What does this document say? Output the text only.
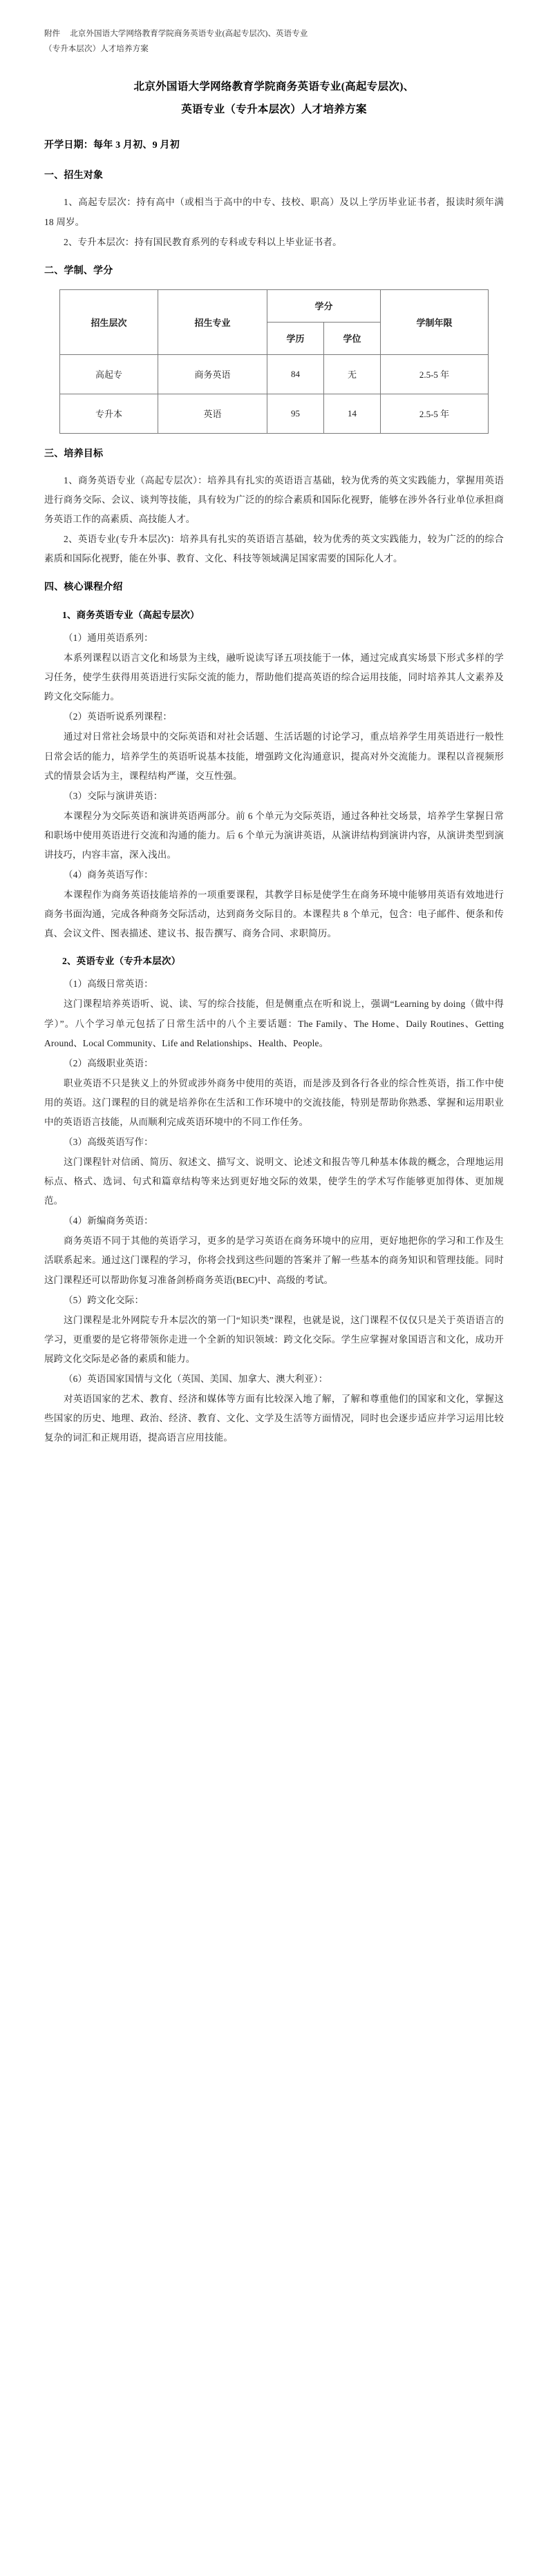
附件 北京外国语大学网络教育学院商务英语专业(高起专层次)、英语专业
（专升本层次）人才培养方案
北京外国语大学网络教育学院商务英语专业(高起专层次)、
英语专业（专升本层次）人才培养方案
开学日期：每年 3 月初、9 月初
一、招生对象

1、高起专层次：持有高中（或相当于高中的中专、技校、职高）及以上学历毕业证书者，报读时须年满 18 周岁。

2、专升本层次：持有国民教育系列的专科或专科以上毕业证书者。

二、学制、学分
招生层次	招生专业	学分		学制年限
		学历	学位	
高起专	商务英语	84	无	2.5-5 年
专升本	英语	95	14	2.5-5 年
三、培养目标

1、商务英语专业（高起专层次）：培养具有扎实的英语语言基础，较为优秀的英文实践能力，掌握用英语进行商务交际、会议、谈判等技能，具有较为广泛的的综合素质和国际化视野，能够在涉外各行业单位承担商务英语工作的高素质、高技能人才。

2、英语专业(专升本层次)：培养具有扎实的英语语言基础，较为优秀的英文实践能力，较为广泛的的综合素质和国际化视野，能在外事、教育、文化、科技等领域满足国家需要的国际化人才。

四、核心课程介绍
1、商务英语专业（高起专层次）

（1）通用英语系列：

本系列课程以语言文化和场景为主线，融听说读写译五项技能于一体，通过完成真实场景下形式多样的学习任务，使学生获得用英语进行实际交流的能力，帮助他们提高英语的综合运用技能，同时培养其人文素养及跨文化交际能力。

（2）英语听说系列课程：

通过对日常社会场景中的交际英语和对社会话题、生活话题的讨论学习，重点培养学生用英语进行一般性日常会话的能力，培养学生的英语听说基本技能，增强跨文化沟通意识，提高对外交流能力。课程以音视频形式的情景会话为主，课程结构严谨，交互性强。

（3）交际与演讲英语：

本课程分为交际英语和演讲英语两部分。前 6 个单元为交际英语，通过各种社交场景，培养学生掌握日常和职场中使用英语进行交流和沟通的能力。后 6 个单元为演讲英语，从演讲结构到演讲内容，从演讲类型到演讲技巧，内容丰富，深入浅出。

（4）商务英语写作：

本课程作为商务英语技能培养的一项重要课程，其教学目标是使学生在商务环境中能够用英语有效地进行商务书面沟通，完成各种商务交际活动，达到商务交际目的。本课程共 8 个单元，包含：电子邮件、便条和传真、会议文件、图表描述、建议书、报告撰写、商务合同、求职简历。

2、英语专业（专升本层次）

（1）高级日常英语：

这门课程培养英语听、说、读、写的综合技能，但是侧重点在听和说上，强调“Learning by doing（做中得学）”。八个学习单元包括了日常生活中的八个主要话题：The Family、The Home、Daily Routines、Getting Around、Local Community、Life and Relationships、Health、People。

（2）高级职业英语：

职业英语不只是狭义上的外贸或涉外商务中使用的英语，而是涉及到各行各业的综合性英语，指工作中使用的英语。这门课程的目的就是培养你在生活和工作环境中的交流技能，特别是帮助你熟悉、掌握和运用职业中的英语语言技能，从而顺利完成英语环境中的不同工作任务。

（3）高级英语写作：

这门课程针对信函、简历、叙述文、描写文、说明文、论述文和报告等几种基本体裁的概念，合理地运用标点、格式、选词、句式和篇章结构等来达到更好地交际的效果，使学生的学术写作能够更加得体、更加规范。

（4）新编商务英语：

商务英语不同于其他的英语学习，更多的是学习英语在商务环境中的应用，更好地把你的学习和工作及生活联系起来。通过这门课程的学习，你将会找到这些问题的答案并了解一些基本的商务知识和管理技能。同时这门课程还可以帮助你复习准备剑桥商务英语(BEC)中、高级的考试。

（5）跨文化交际：

这门课程是北外网院专升本层次的第一门“知识类”课程，也就是说，这门课程不仅仅只是关于英语语言的学习，更重要的是它将带领你走进一个全新的知识领域：跨文化交际。学生应掌握对象国语言和文化，成功开展跨文化交际是必备的素质和能力。

（6）英语国家国情与文化（英国、美国、加拿大、澳大利亚）：

对英语国家的艺术、教育、经济和媒体等方面有比较深入地了解，了解和尊重他们的国家和文化，掌握这些国家的历史、地理、政治、经济、教育、文化、文学及生活等方面情况，同时也会逐步适应并学习运用比较复杂的词汇和正规用语，提高语言应用技能。
